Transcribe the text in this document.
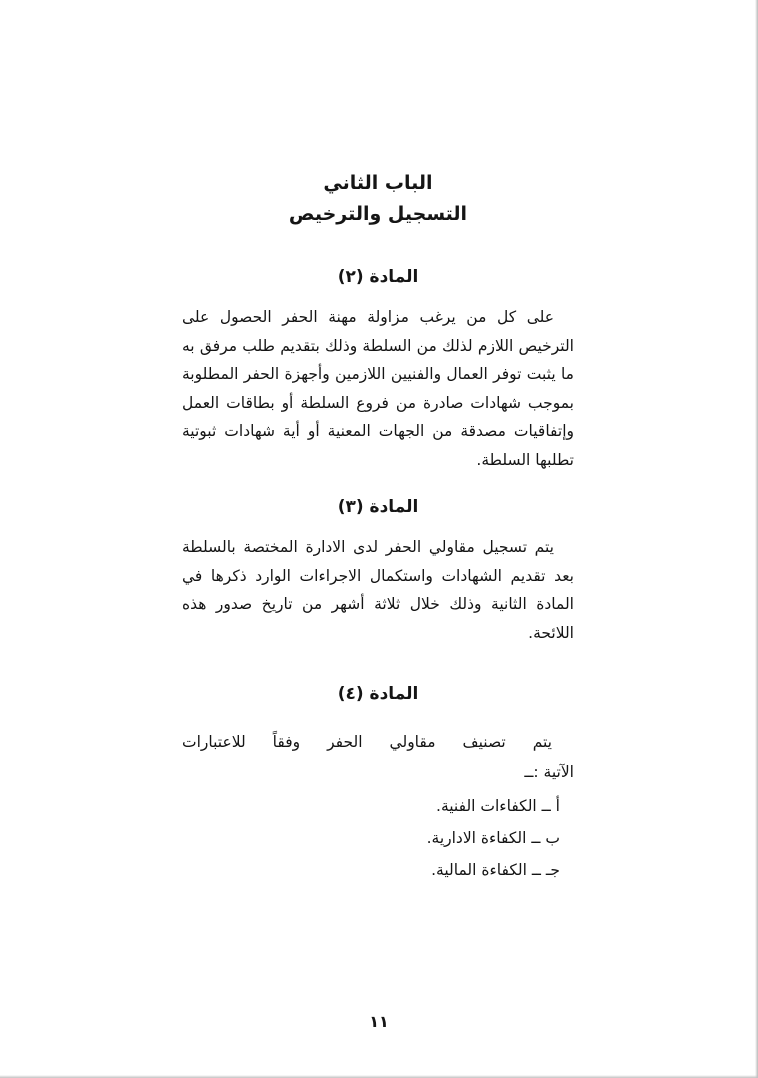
الباب الثاني
التسجيل والترخيص
المادة (٢)

على كل من يرغب مزاولة مهنة الحفر الحصول على الترخيص اللازم لذلك من السلطة وذلك بتقديم طلب مرفق به ما يثبت توفر العمال والفنيين اللازمين وأجهزة الحفر المطلوبة بموجب شهادات صادرة من فروع السلطة أو بطاقات العمل وإتفاقيات مصدقة من الجهات المعنية أو أية شهادات ثبوتية تطلبها السلطة.

المادة (٣)

يتم تسجيل مقاولي الحفر لدى الادارة المختصة بالسلطة بعد تقديم الشهادات واستكمال الاجراءات الوارد ذكرها في المادة الثانية وذلك خلال ثلاثة أشهر من تاريخ صدور هذه اللائحة.

المادة (٤)

يتم تصنيف مقاولي الحفر وفقاً للاعتبارات

الآتية :ــ
أ ــ الكفاءات الفنية.
ب ــ الكفاءة الادارية.
جـ ــ الكفاءة المالية.
١١
